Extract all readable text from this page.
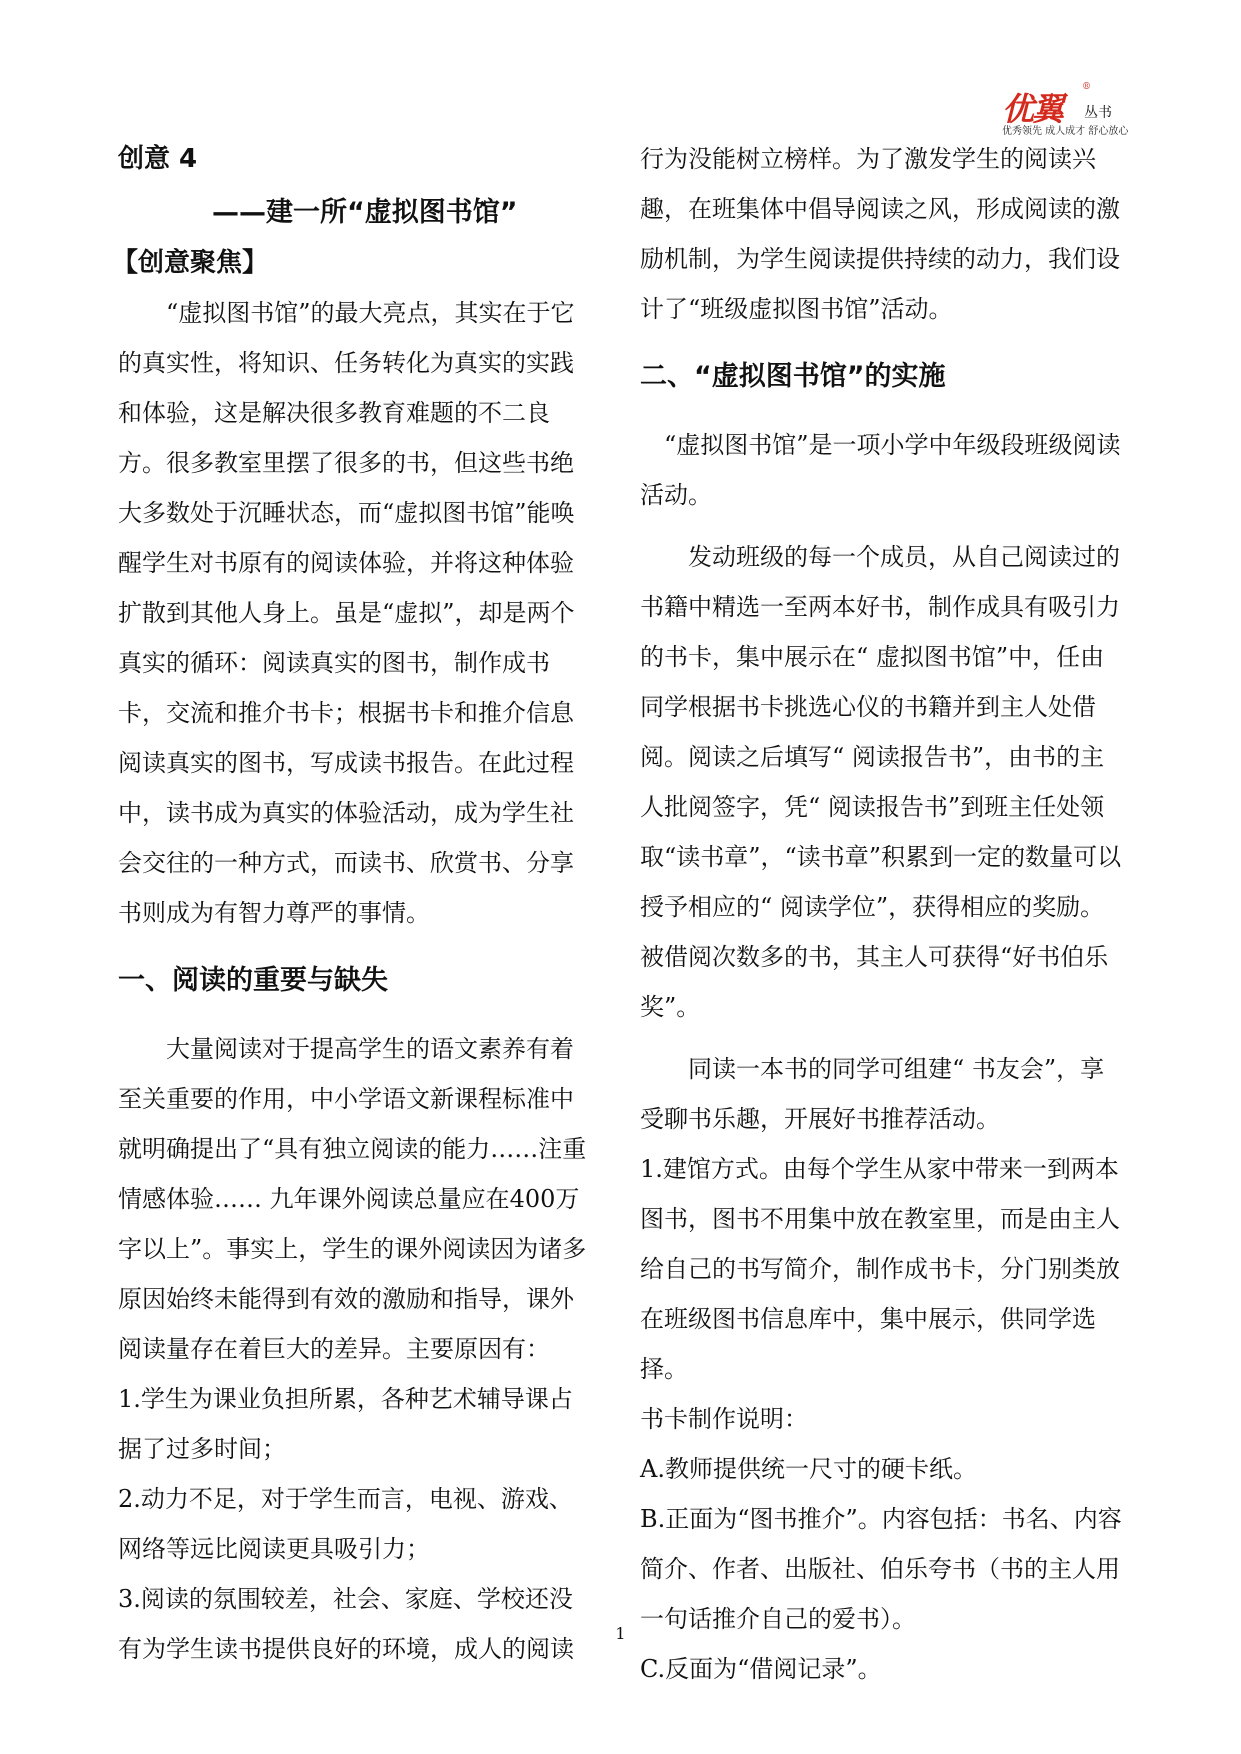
优翼
®
丛书
优秀领先 成人成才 舒心放心

创意 4

——建一所“虚拟图书馆”

【创意聚焦】

“虚拟图书馆”的最大亮点，其实在于它的真实性，将知识、任务转化为真实的实践和体验，这是解决很多教育难题的不二良方。很多教室里摆了很多的书，但这些书绝大多数处于沉睡状态，而“虚拟图书馆”能唤醒学生对书原有的阅读体验，并将这种体验扩散到其他人身上。虽是“虚拟”，却是两个真实的循环：阅读真实的图书，制作成书卡，交流和推介书卡；根据书卡和推介信息阅读真实的图书，写成读书报告。在此过程中，读书成为真实的体验活动，成为学生社会交往的一种方式，而读书、欣赏书、分享书则成为有智力尊严的事情。

一、阅读的重要与缺失

大量阅读对于提高学生的语文素养有着至关重要的作用，中小学语文新课程标准中就明确提出了“具有独立阅读的能力……注重情感体验…… 九年课外阅读总量应在400万字以上”。事实上，学生的课外阅读因为诸多原因始终未能得到有效的激励和指导，课外阅读量存在着巨大的差异。主要原因有：

1.学生为课业负担所累，各种艺术辅导课占据了过多时间；

2.动力不足，对于学生而言，电视、游戏、网络等远比阅读更具吸引力；

3.阅读的氛围较差，社会、家庭、学校还没有为学生读书提供良好的环境，成人的阅读

行为没能树立榜样。为了激发学生的阅读兴趣，在班集体中倡导阅读之风，形成阅读的激励机制，为学生阅读提供持续的动力，我们设计了“班级虚拟图书馆”活动。

二、“虚拟图书馆”的实施

“虚拟图书馆”是一项小学中年级段班级阅读活动。

发动班级的每一个成员，从自己阅读过的书籍中精选一至两本好书，制作成具有吸引力的书卡，集中展示在“ 虚拟图书馆”中，任由同学根据书卡挑选心仪的书籍并到主人处借阅。阅读之后填写“ 阅读报告书”，由书的主人批阅签字，凭“ 阅读报告书”到班主任处领取“读书章”，“读书章”积累到一定的数量可以授予相应的“ 阅读学位”，获得相应的奖励。被借阅次数多的书，其主人可获得“好书伯乐奖”。

同读一本书的同学可组建“ 书友会”，享受聊书乐趣，开展好书推荐活动。

1.建馆方式。由每个学生从家中带来一到两本图书，图书不用集中放在教室里，而是由主人给自己的书写简介，制作成书卡，分门别类放在班级图书信息库中，集中展示，供同学选择。

书卡制作说明：

A.教师提供统一尺寸的硬卡纸。

B.正面为“图书推介”。内容包括：书名、内容简介、作者、出版社、伯乐夸书（书的主人用一句话推介自己的爱书）。

C.反面为“借阅记录”。

1
